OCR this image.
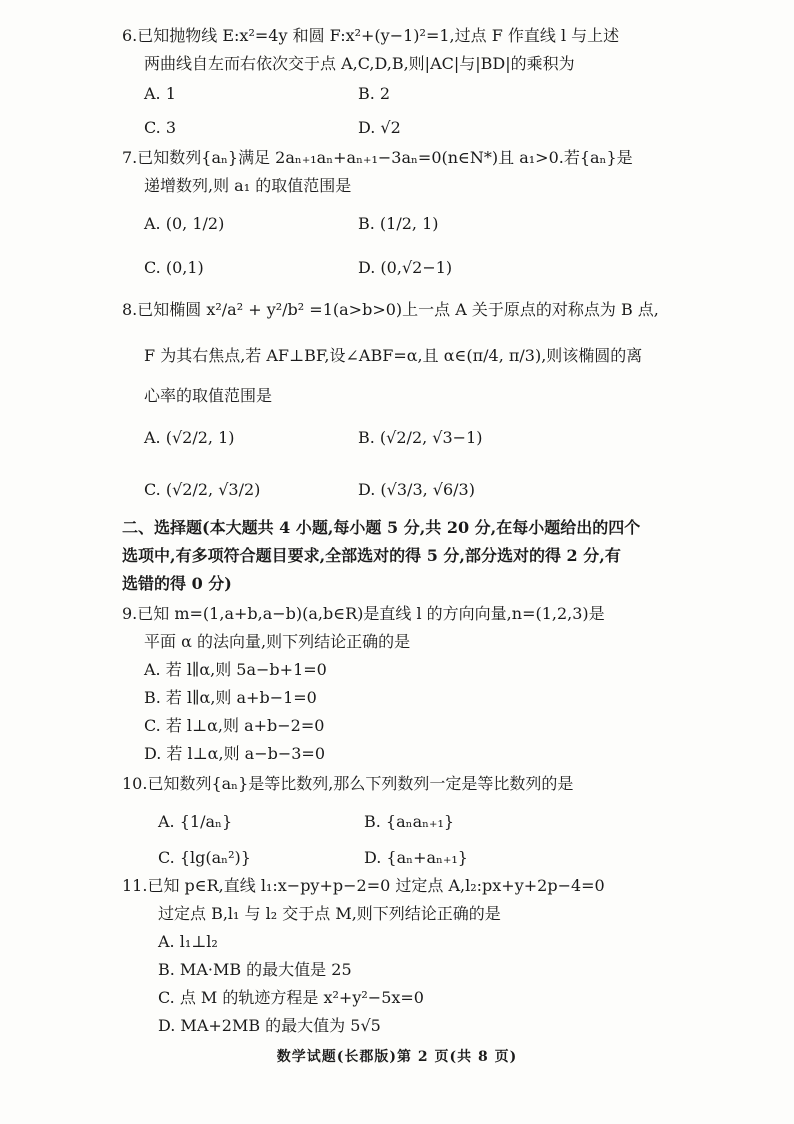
6.已知抛物线 E:x²=4y 和圆 F:x²+(y−1)²=1,过点 F 作直线 l 与上述
两曲线自左而右依次交于点 A,C,D,B,则|AC|与|BD|的乘积为
A. 1	B. 2
C. 3	D. √2
7.已知数列{aₙ}满足 2aₙ₊₁aₙ+aₙ₊₁−3aₙ=0(n∈N*)且 a₁>0.若{aₙ}是
递增数列,则 a₁ 的取值范围是
A. (0, 1/2)	B. (1/2, 1)
C. (0,1)	D. (0,√2−1)
8.已知椭圆 x²/a² + y²/b² =1(a>b>0)上一点 A 关于原点的对称点为 B 点,
F 为其右焦点,若 AF⊥BF,设∠ABF=α,且 α∈(π/4, π/3),则该椭圆的离
心率的取值范围是
A. (√2/2, 1)	B. (√2/2, √3−1)
C. (√2/2, √3/2)	D. (√3/3, √6/3)
二、选择题(本大题共 4 小题,每小题 5 分,共 20 分,在每小题给出的四个
选项中,有多项符合题目要求,全部选对的得 5 分,部分选对的得 2 分,有
选错的得 0 分)
9.已知 m=(1,a+b,a−b)(a,b∈R)是直线 l 的方向向量,n=(1,2,3)是
平面 α 的法向量,则下列结论正确的是
A. 若 l∥α,则 5a−b+1=0
B. 若 l∥α,则 a+b−1=0
C. 若 l⊥α,则 a+b−2=0
D. 若 l⊥α,则 a−b−3=0
10.已知数列{aₙ}是等比数列,那么下列数列一定是等比数列的是
A. {1/aₙ}	B. {aₙaₙ₊₁}
C. {lg(aₙ²)}	D. {aₙ+aₙ₊₁}
11.已知 p∈R,直线 l₁:x−py+p−2=0 过定点 A,l₂:px+y+2p−4=0
过定点 B,l₁ 与 l₂ 交于点 M,则下列结论正确的是
A. l₁⊥l₂
B. MA·MB 的最大值是 25
C. 点 M 的轨迹方程是 x²+y²−5x=0
D. MA+2MB 的最大值为 5√5
数学试题(长郡版)第 2 页(共 8 页)
